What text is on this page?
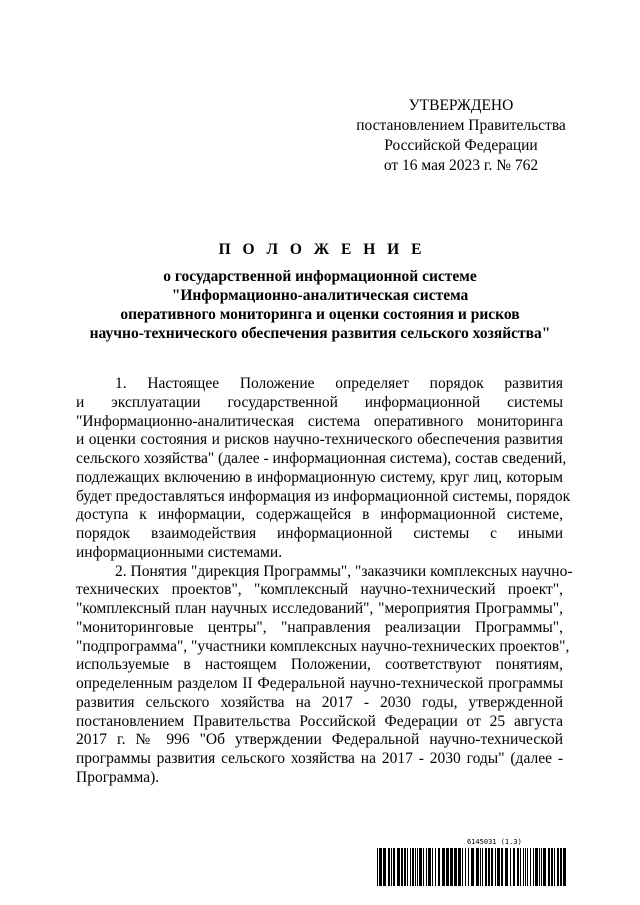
УТВЕРЖДЕНО
постановлением Правительства
Российской Федерации
от 16 мая 2023 г. № 762
П О Л О Ж Е Н И Е
о государственной информационной системе
"Информационно-аналитическая система
оперативного мониторинга и оценки состояния и рисков
научно-технического обеспечения развития сельского хозяйства"
1. Настоящее Положение определяет порядок развития
и эксплуатации государственной информационной системы
"Информационно-аналитическая система оперативного мониторинга
и оценки состояния и рисков научно-технического обеспечения развития
сельского хозяйства" (далее - информационная система), состав сведений,
подлежащих включению в информационную систему, круг лиц, которым
будет предоставляться информация из информационной системы, порядок
доступа к информации, содержащейся в информационной системе,
порядок взаимодействия информационной системы с иными
информационными системами.
2. Понятия "дирекция Программы", "заказчики комплексных научно-
технических проектов", "комплексный научно-технический проект",
"комплексный план научных исследований", "мероприятия Программы",
"мониторинговые центры", "направления реализации Программы",
"подпрограмма", "участники комплексных научно-технических проектов",
используемые в настоящем Положении, соответствуют понятиям,
определенным разделом II Федеральной научно-технической программы
развития сельского хозяйства на 2017 - 2030 годы, утвержденной
постановлением Правительства Российской Федерации от 25 августа
2017 г. № 996 "Об утверждении Федеральной научно-технической
программы развития сельского хозяйства на 2017 - 2030 годы" (далее -
Программа).
6145031 (1.3)
